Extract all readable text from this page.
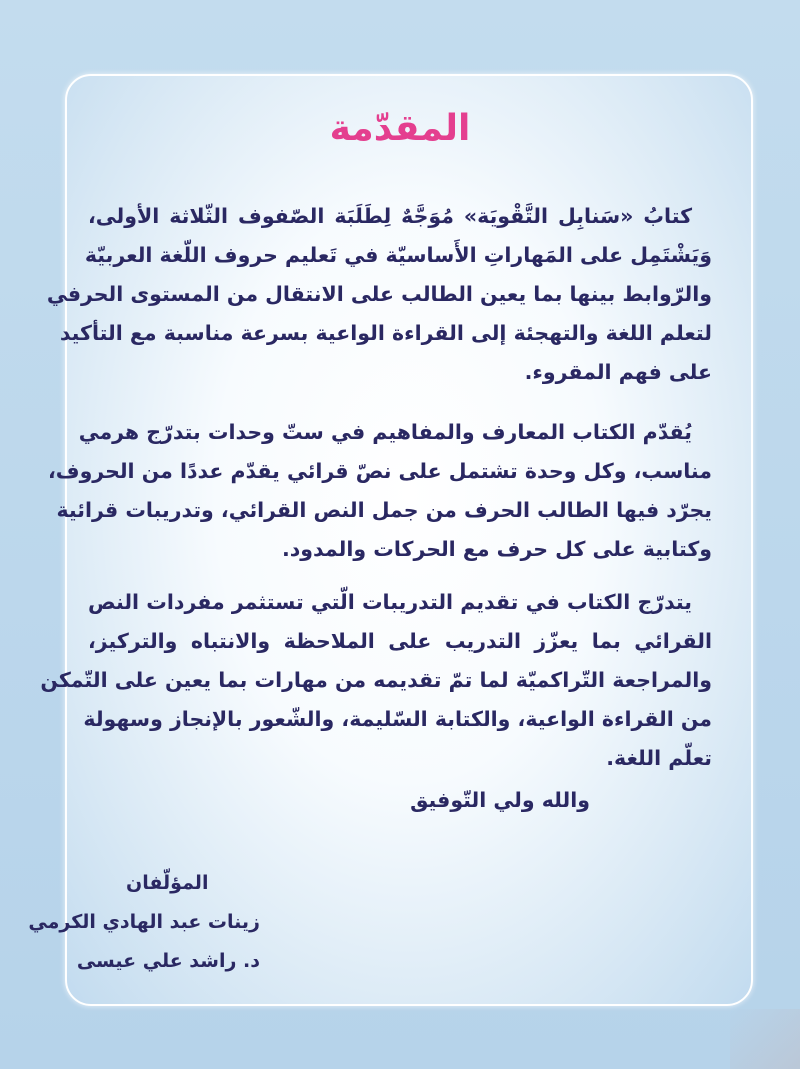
المقدّمة
كتابُ «سَنابِل التَّقْويَة» مُوَجَّهٌ لِطَلَبَة الصّفوف الثّلاثة الأولى،
وَيَشْتَمِل على المَهاراتِ الأَساسيّة في تَعليم حروف اللّغة العربيّة
والرّوابط بينها بما يعين الطالب على الانتقال من المستوى الحرفي
لتعلم اللغة والتهجئة إلى القراءة الواعية بسرعة مناسبة مع التأكيد
على فهم المقروء.
يُقدّم الكتاب المعارف والمفاهيم في ستّ وحدات بتدرّج هرمي
مناسب، وكل وحدة تشتمل على نصّ قرائي يقدّم عددًا من الحروف،
يجرّد فيها الطالب الحرف من جمل النص القرائي، وتدريبات قرائية
وكتابية على كل حرف مع الحركات والمدود.
يتدرّج الكتاب في تقديم التدريبات الّتي تستثمر مفردات النص
القرائي بما يعزّز التدريب على الملاحظة والانتباه والتركيز،
والمراجعة التّراكميّة لما تمّ تقديمه من مهارات بما يعين على التّمكن
من القراءة الواعية، والكتابة السّليمة، والشّعور بالإنجاز وسهولة
تعلّم اللغة.
والله ولي التّوفيق
المؤلّفان
زينات عبد الهادي الكرمي
د. راشد علي عيسى
